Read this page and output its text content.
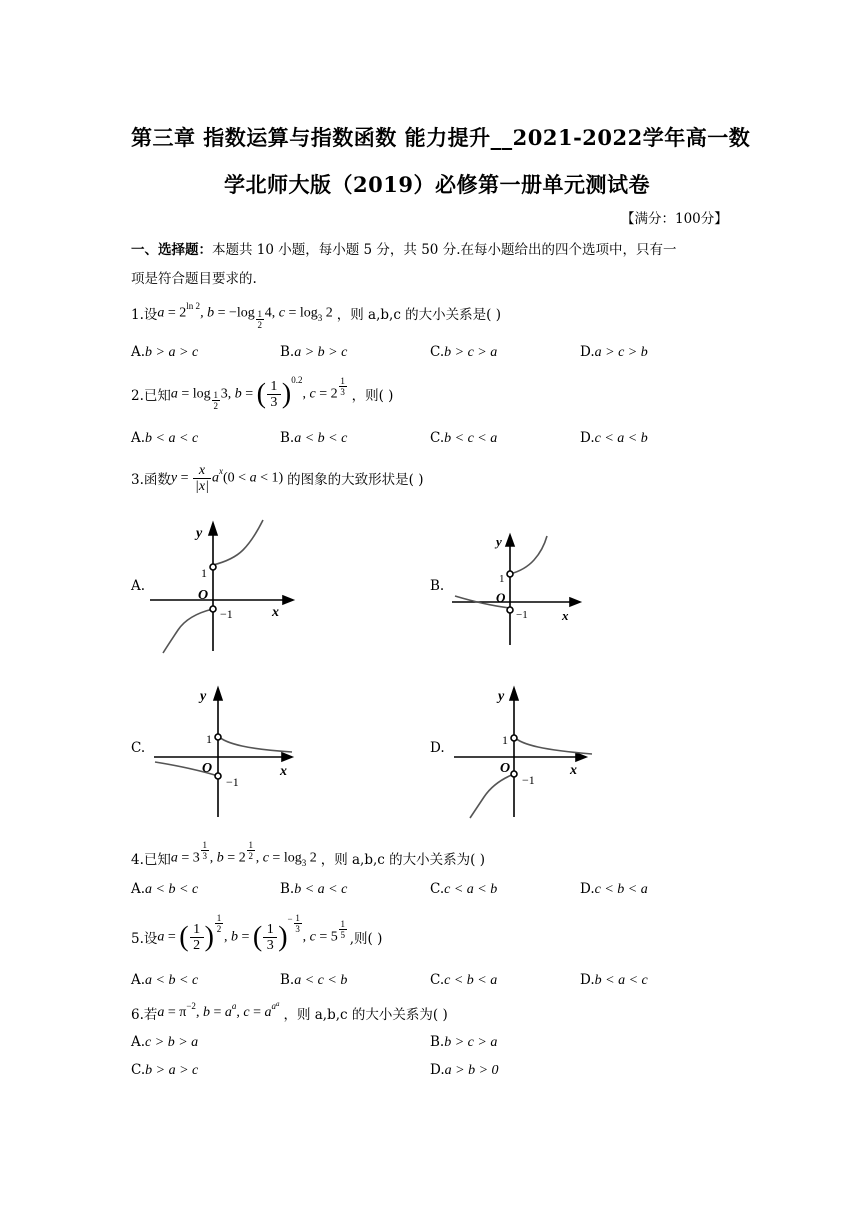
第三章 指数运算与指数函数 能力提升__2021-2022学年高一数
学北师大版（2019）必修第一册单元测试卷
【满分：100分】
一、选择题：本题共 10 小题，每小题 5 分，共 50 分.在每小题给出的四个选项中，只有一
项是符合题目要求的.
1.设 $a = 2^{ln 2}$, $b = -\log \frac{1}{2} 4$, $c = \log_3 2$ ，则 a,b,c 的大小关系是( )
A.b > a > c	B.a > b > c	C.b > c > a	D.a > c > b
2.已知 $a = \log \frac{1}{2} 3$, b = ( $\frac{1}{3} )^{0.2}$, $c = 2 \frac{1}{3}$ ，则( )
A.b < a < c	B.a < b < c	C.b < c < a	D.c < a < b
3.函数 $y = \frac{x}{|x|} a^x(0 < a < 1)$ 的图象的大致形状是( )
A.
y
x
O
1
−1
B.
y
x
O
1
−1
C.
y
x
O
1
−1
D.
y
x
O
1
−1
4.已知 $a = 3 \frac{1}{3}$ , $b = 2 \frac{1}{2}$ , $c = \log_3 2$ ，则 a,b,c 的大小关系为( )
A.a < b < c	B.b < a < c	C.c < a < b	D.c < b < a
5.设 a = ( $\frac{1}{2}$ ) $\frac{1}{2}$
, b = ( $\frac{1}{3} )^- \frac{1}{3}$
, $c = 5 \frac{1}{5}$ ,则( )
A.a < b < c	B.a < c < b	C.c < b < a	D.b < a < c
6.若 $a = \pi^{-2}$, $b = a^a$, $c = a^{a^a}$
，则 a,b,c 的大小关系为( )
A.c > b > a	B.b > c > a
C.b > a > c	D.a > b > 0
